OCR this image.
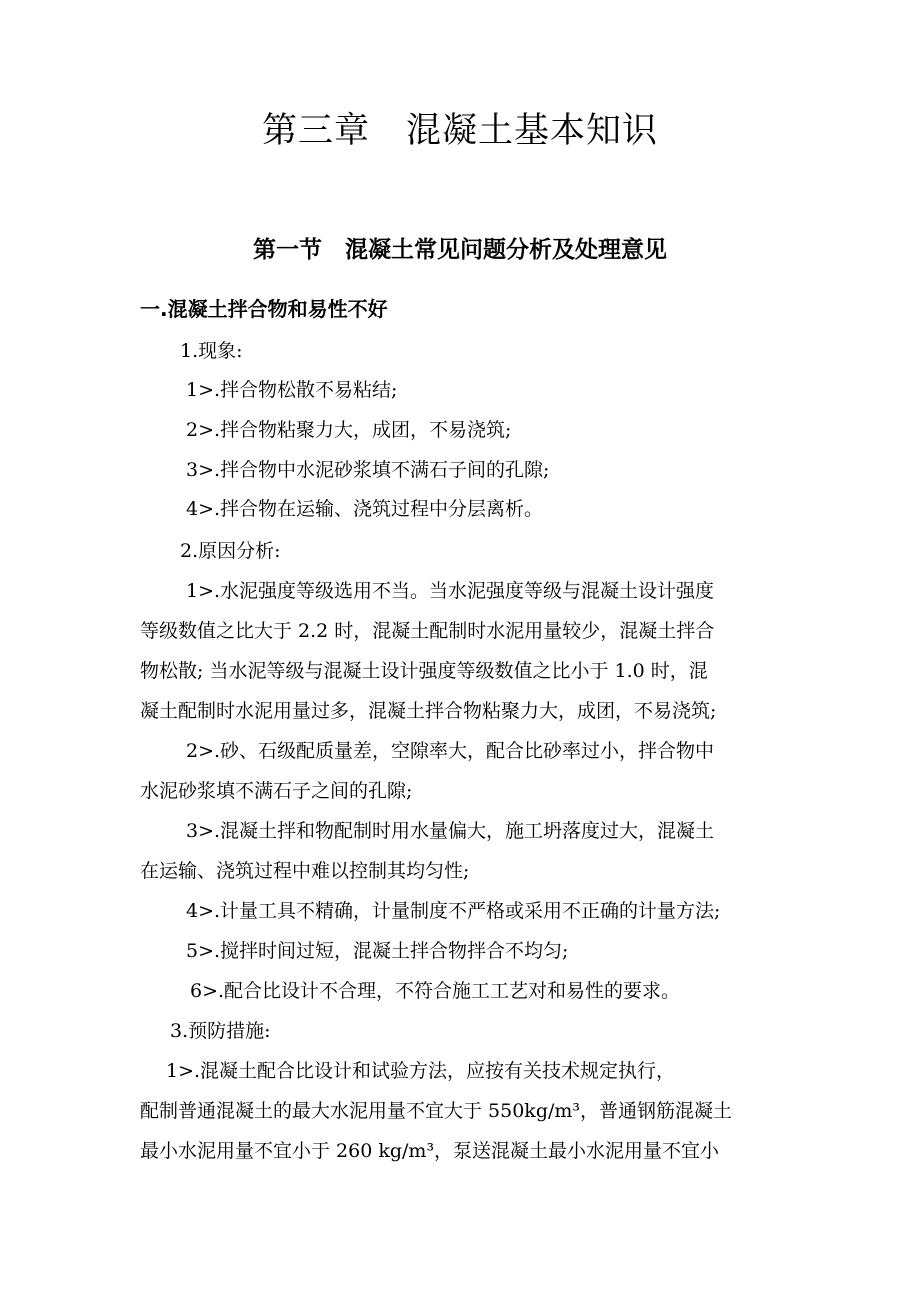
第三章　混凝土基本知识
第一节　混凝土常见问题分析及处理意见
一.混凝土拌合物和易性不好
1.现象:
1>.拌合物松散不易粘结;
2>.拌合物粘聚力大，成团，不易浇筑;
3>.拌合物中水泥砂浆填不满石子间的孔隙;
4>.拌合物在运输、浇筑过程中分层离析。
2.原因分析:
1>.水泥强度等级选用不当。当水泥强度等级与混凝土设计强度
等级数值之比大于 2.2 时，混凝土配制时水泥用量较少，混凝土拌合
物松散; 当水泥等级与混凝土设计强度等级数值之比小于 1.0 时，混
凝土配制时水泥用量过多，混凝土拌合物粘聚力大，成团，不易浇筑;
2>.砂、石级配质量差，空隙率大，配合比砂率过小，拌合物中
水泥砂浆填不满石子之间的孔隙;
3>.混凝土拌和物配制时用水量偏大，施工坍落度过大，混凝土
在运输、浇筑过程中难以控制其均匀性;
4>.计量工具不精确，计量制度不严格或采用不正确的计量方法;
5>.搅拌时间过短，混凝土拌合物拌合不均匀;
6>.配合比设计不合理，不符合施工工艺对和易性的要求。
3.预防措施:
1>.混凝土配合比设计和试验方法，应按有关技术规定执行，
配制普通混凝土的最大水泥用量不宜大于 550kg/m³，普通钢筋混凝土
最小水泥用量不宜小于 260 kg/m³，泵送混凝土最小水泥用量不宜小
